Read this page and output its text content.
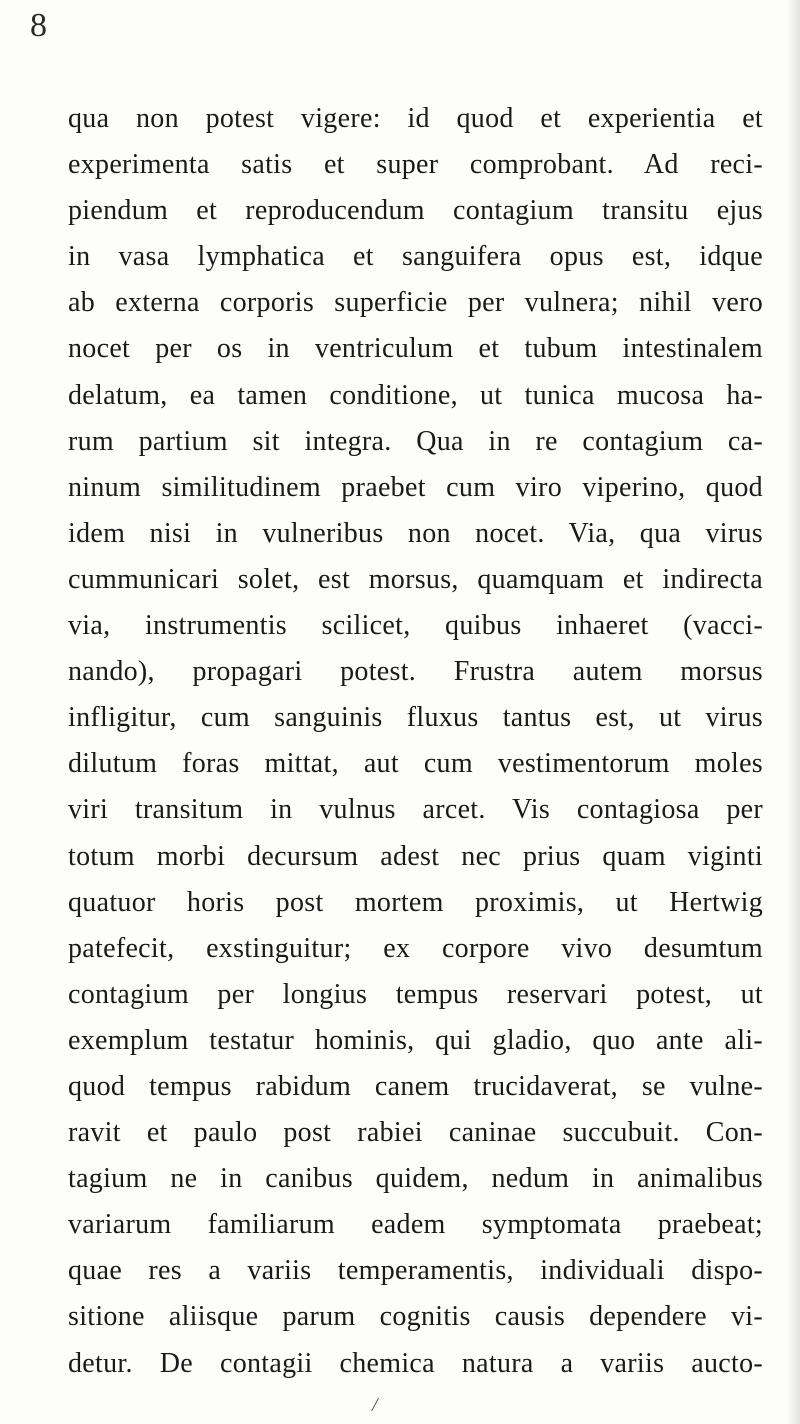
8
qua non potest vigere: id quod et experientia et
experimenta satis et super comprobant. Ad reci-
piendum et reproducendum contagium transitu ejus
in vasa lymphatica et sanguifera opus est, idque
ab externa corporis superficie per vulnera; nihil vero
nocet per os in ventriculum et tubum intestinalem
delatum, ea tamen conditione, ut tunica mucosa ha-
rum partium sit integra. Qua in re contagium ca-
ninum similitudinem praebet cum viro viperino, quod
idem nisi in vulneribus non nocet. Via, qua virus
cummunicari solet, est morsus, quamquam et indirecta
via, instrumentis scilicet, quibus inhaeret (vacci-
nando), propagari potest. Frustra autem morsus
infligitur, cum sanguinis fluxus tantus est, ut virus
dilutum foras mittat, aut cum vestimentorum moles
viri transitum in vulnus arcet. Vis contagiosa per
totum morbi decursum adest nec prius quam viginti
quatuor horis post mortem proximis, ut Hertwig
patefecit, exstinguitur; ex corpore vivo desumtum
contagium per longius tempus reservari potest, ut
exemplum testatur hominis, qui gladio, quo ante ali-
quod tempus rabidum canem trucidaverat, se vulne-
ravit et paulo post rabiei caninae succubuit. Con-
tagium ne in canibus quidem, nedum in animalibus
variarum familiarum eadem symptomata praebeat;
quae res a variis temperamentis, individuali dispo-
sitione aliisque parum cognitis causis dependere vi-
detur. De contagii chemica natura a variis aucto-
/
